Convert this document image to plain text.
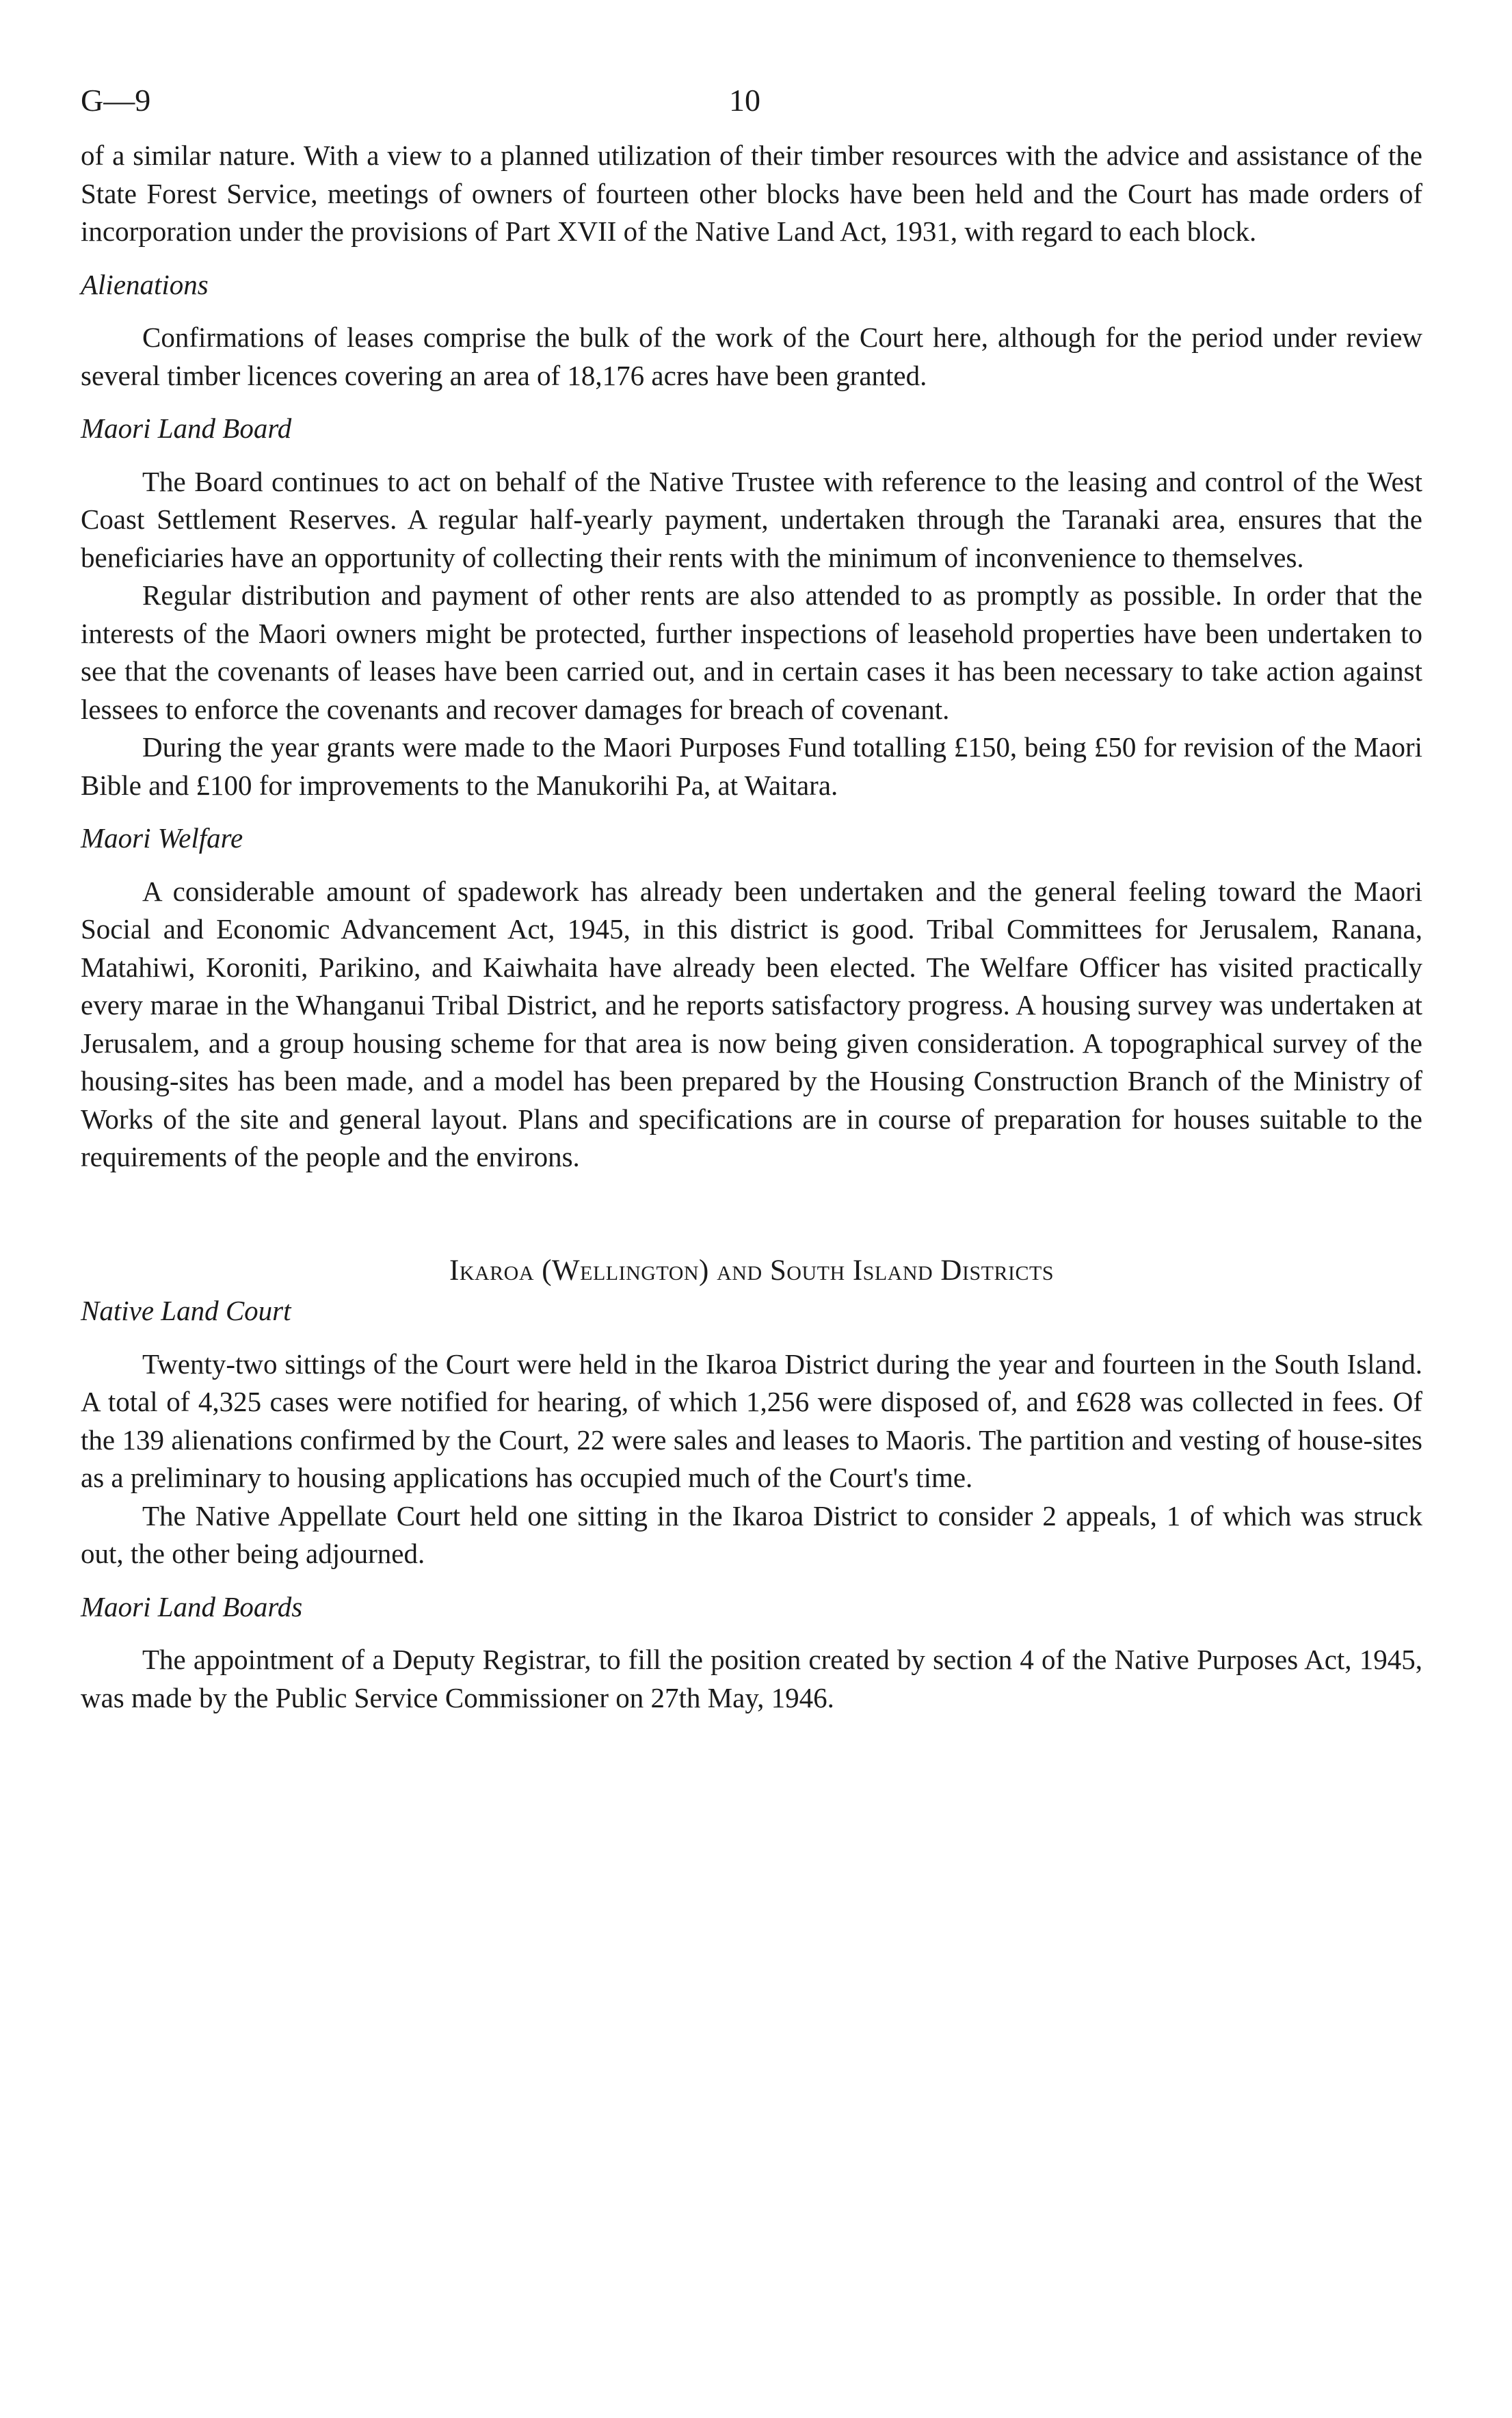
G—9	10

of a similar nature. With a view to a planned utilization of their timber resources with the advice and assistance of the State Forest Service, meetings of owners of fourteen other blocks have been held and the Court has made orders of incorporation under the provisions of Part XVII of the Native Land Act, 1931, with regard to each block.

Alienations

Confirmations of leases comprise the bulk of the work of the Court here, although for the period under review several timber licences covering an area of 18,176 acres have been granted.

Maori Land Board

The Board continues to act on behalf of the Native Trustee with reference to the leasing and control of the West Coast Settlement Reserves. A regular half-yearly payment, undertaken through the Taranaki area, ensures that the beneficiaries have an opportunity of collecting their rents with the minimum of inconvenience to themselves.

Regular distribution and payment of other rents are also attended to as promptly as possible. In order that the interests of the Maori owners might be protected, further inspections of leasehold properties have been undertaken to see that the covenants of leases have been carried out, and in certain cases it has been necessary to take action against lessees to enforce the covenants and recover damages for breach of covenant.

During the year grants were made to the Maori Purposes Fund totalling £150, being £50 for revision of the Maori Bible and £100 for improvements to the Manukorihi Pa, at Waitara.

Maori Welfare

A considerable amount of spadework has already been undertaken and the general feeling toward the Maori Social and Economic Advancement Act, 1945, in this district is good. Tribal Committees for Jerusalem, Ranana, Matahiwi, Koroniti, Parikino, and Kaiwhaita have already been elected. The Welfare Officer has visited practically every marae in the Whanganui Tribal District, and he reports satisfactory progress. A housing survey was undertaken at Jerusalem, and a group housing scheme for that area is now being given consideration. A topographical survey of the housing-sites has been made, and a model has been prepared by the Housing Construction Branch of the Ministry of Works of the site and general layout. Plans and specifications are in course of preparation for houses suitable to the requirements of the people and the environs.

Ikaroa (Wellington) and South Island Districts
Native Land Court

Twenty-two sittings of the Court were held in the Ikaroa District during the year and fourteen in the South Island. A total of 4,325 cases were notified for hearing, of which 1,256 were disposed of, and £628 was collected in fees. Of the 139 alienations confirmed by the Court, 22 were sales and leases to Maoris. The partition and vesting of house-sites as a preliminary to housing applications has occupied much of the Court's time.

The Native Appellate Court held one sitting in the Ikaroa District to consider 2 appeals, 1 of which was struck out, the other being adjourned.

Maori Land Boards

The appointment of a Deputy Registrar, to fill the position created by section 4 of the Native Purposes Act, 1945, was made by the Public Service Commissioner on 27th May, 1946.
